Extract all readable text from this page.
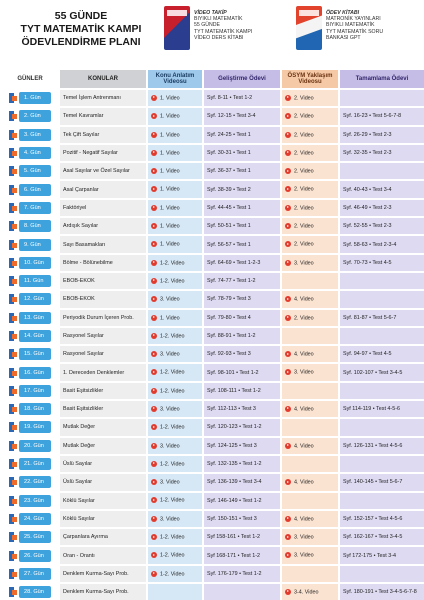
55 GÜNDE
TYT MATEMATİK KAMPI
ÖDEVLENDİRME PLANI
VİDEO TAKİP
BIYIKLI MATEMATİK
55 GÜNDE
TYT MATEMATİK KAMPI
VİDEO DERS KİTABI
ÖDEV KİTABI
MATRONİK YAYINLARI
BIYIKLI MATEMATİK
TYT MATEMATİK SORU
BANKASI GPT
GÜNLER	KONULAR	Konu Anlatım Videosu	Geliştirme Ödevi	ÖSYM Yaklaşım Videosu	Tamamlama Ödevi

1. Gün	Temel İşlem Antrenmanı	1. Video	Syf. 8-11 • Test 1-2	2. Video	

2. Gün	Temel Kavramlar	1. Video	Syf. 12-15 • Test 3-4	2. Video	Syf. 16-23 • Test 5-6-7-8

3. Gün	Tek Çift Sayılar	1. Video	Syf. 24-25 • Test 1	2. Video	Syf. 26-29 • Test 2-3

4. Gün	Pozitif - Negatif Sayılar	1. Video	Syf. 30-31 • Test 1	2. Video	Syf. 32-35 • Test 2-3

5. Gün	Asal Sayılar ve Özel Sayılar	1. Video	Syf. 36-37 • Test 1	2. Video	

6. Gün	Asal Çarpanlar	1. Video	Syf. 38-39 • Test 2	2. Video	Syf. 40-43 • Test 3-4

7. Gün	Faktöriyel	1. Video	Syf. 44-45 • Test 1	2. Video	Syf. 46-49 • Test 2-3

8. Gün	Ardışık Sayılar	1. Video	Syf. 50-51 • Test 1	2. Video	Syf. 52-55 • Test 2-3

9. Gün	Sayı Basamakları	1. Video	Syf. 56-57 • Test 1	2. Video	Syf. 58-63 • Test 2-3-4

10. Gün	Bölme - Bölünebilme	1-2. Video	Syf. 64-69 • Test 1-2-3	3. Video	Syf. 70-73 • Test 4-5

11. Gün	EBOB-EKOK	1-2. Video	Syf. 74-77 • Test 1-2		

12. Gün	EBOB-EKOK	3. Video	Syf. 78-79 • Test 3	4. Video	

13. Gün	Periyodik Durum İçeren Prob.	1. Video	Syf. 79-80 • Test 4	2. Video	Syf. 81-87 • Test 5-6-7

14. Gün	Rasyonel Sayılar	1-2. Video	Syf. 88-91 • Test 1-2		

15. Gün	Rasyonel Sayılar	3. Video	Syf. 92-93 • Test 3	4. Video	Syf. 94-97 • Test 4-5

16. Gün	1. Dereceden Denklemler	1-2. Video	Syf. 98-101 • Test 1-2	3. Video	Syf. 102-107 • Test 3-4-5

17. Gün	Basit Eşitsizlikler	1-2. Video	Syf. 108-111 • Test 1-2		

18. Gün	Basit Eşitsizlikler	3. Video	Syf. 112-113 • Test 3	4. Video	Syf 114-119 • Test 4-5-6

19. Gün	Mutlak Değer	1-2. Video	Syf. 120-123 • Test 1-2		

20. Gün	Mutlak Değer	3. Video	Syf. 124-125 • Test 3	4. Video	Syf. 126-131 • Test 4-5-6

21. Gün	Üslü Sayılar	1-2. Video	Syf. 132-135 • Test 1-2		

22. Gün	Üslü Sayılar	3. Video	Syf. 136-139 • Test 3-4	4. Video	Syf. 140-145 • Test 5-6-7

23. Gün	Köklü Sayılar	1-2. Video	Syf. 146-149 • Test 1-2		

24. Gün	Köklü Sayılar	3. Video	Syf. 150-151 • Test 3	4. Video	Syf. 152-157 • Test 4-5-6

25. Gün	Çarpanlara Ayırma	1-2. Video	Syf 158-161 • Test 1-2	3. Video	Syf. 162-167 • Test 3-4-5

26. Gün	Oran - Orantı	1-2. Video	Syf 168-171 • Test 1-2	3. Video	Syf 172-175 • Test 3-4

27. Gün	Denklem Kurma-Sayı Prob.	1-2. Video	Syf. 176-179 • Test 1-2		

28. Gün	Denklem Kurma-Sayı Prob.			3-4. Video	Syf. 180-191 • Test 3-4-5-6-7-8
